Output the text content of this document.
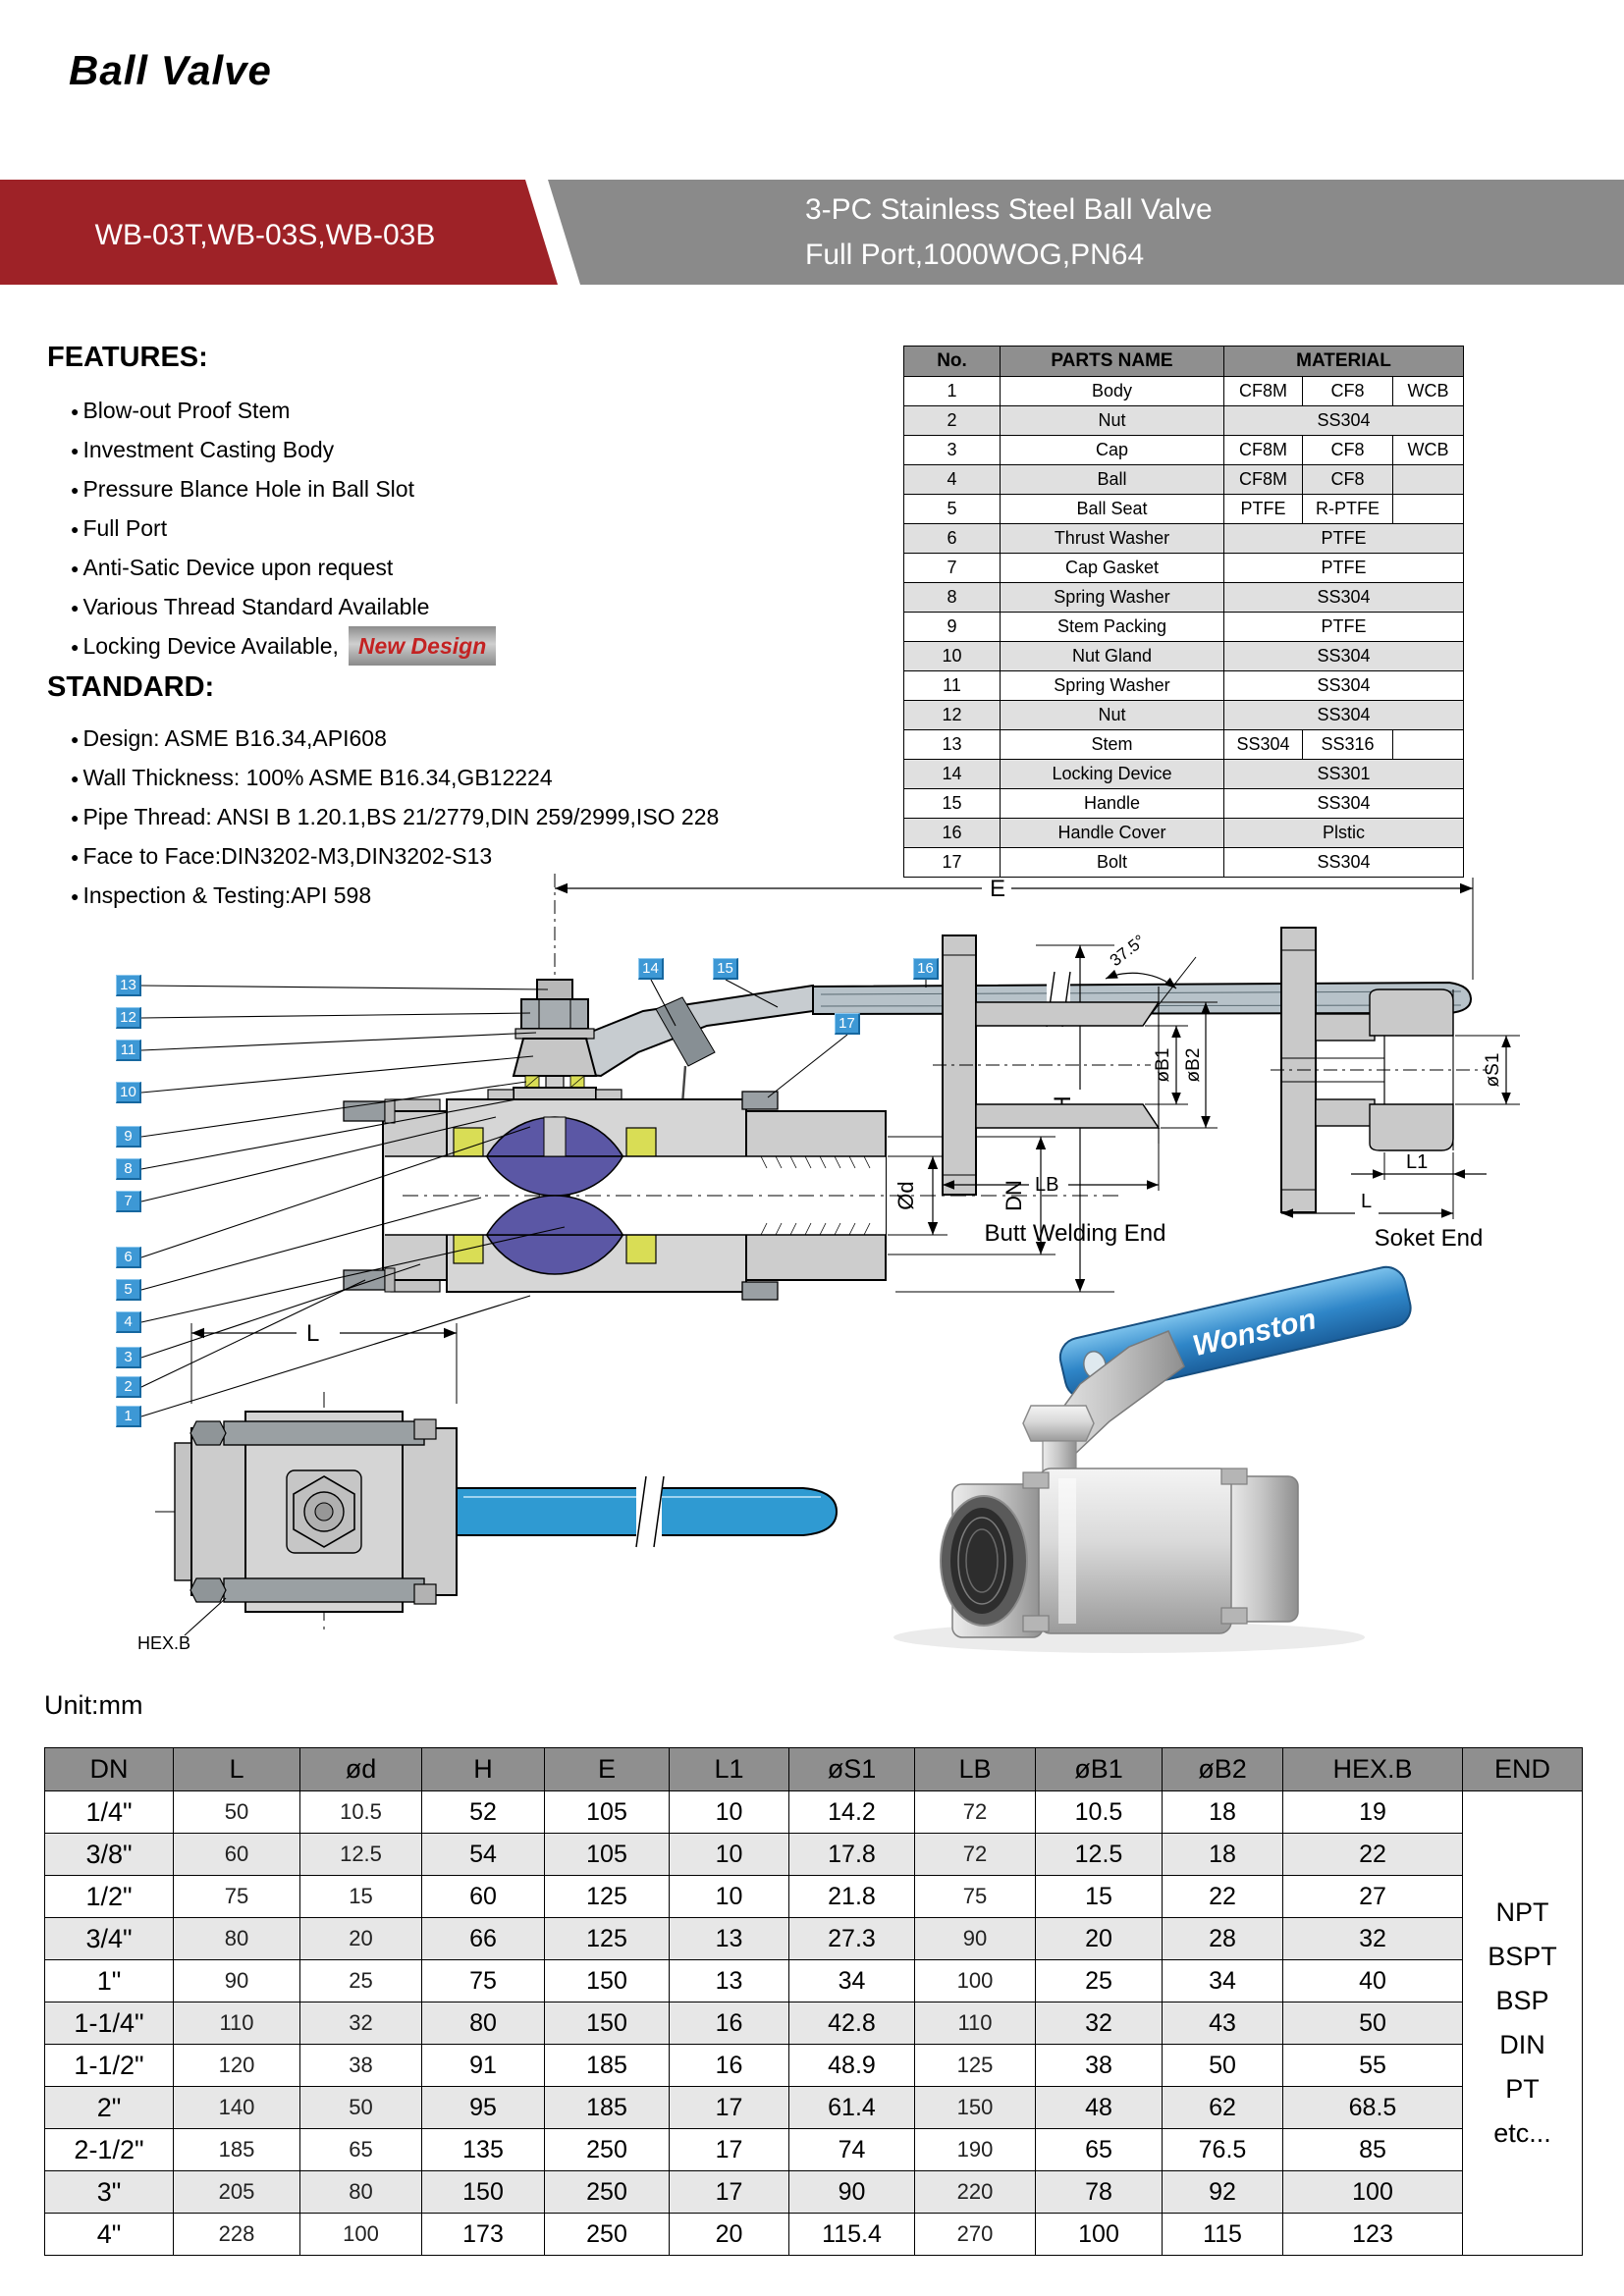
Ball Valve
WB-03T,WB-03S,WB-03B
3-PC Stainless Steel Ball Valve
Full Port,1000WOG,PN64
FEATURES:
● Blow-out Proof Stem
● Investment Casting Body
● Pressure Blance Hole in Ball Slot
● Full Port
● Anti-Satic Device upon request
● Various Thread Standard Available
● Locking Device Available, New Design
STANDARD:
● Design: ASME B16.34,API608
● Wall Thickness: 100% ASME B16.34,GB12224
● Pipe Thread: ANSI B 1.20.1,BS 21/2779,DIN 259/2999,ISO 228
● Face to Face:DIN3202-M3,DIN3202-S13
● Inspection & Testing:API 598
No.	PARTS NAME	MATERIAL		
1	Body	CF8M	CF8	WCB
2	Nut	SS304		
3	Cap	CF8M	CF8	WCB
4	Ball	CF8M	CF8	
5	Ball Seat	PTFE	R-PTFE	
6	Thrust Washer	PTFE		
7	Cap Gasket	PTFE		
8	Spring Washer	SS304		
9	Stem Packing	PTFE		
10	Nut Gland	SS304		
11	Spring Washer	SS304		
12	Nut	SS304		
13	Stem	SS304	SS316	
14	Locking Device	SS301		
15	Handle	SS304		
16	Handle Cover	Plstic		
17	Bolt	SS304		
E
Ød	DN
37.5°
øB1 øB2
LB
Butt Welding End
øS1
L1
L
Soket End
L
HEX.B
Wonston
Unit:mm
DN	L	ød	H	E	L1	øS1	LB	øB1	øB2	HEX.B	END
1/4"	50	10.5	52	105	10	14.2	72	10.5	18	19	
NPT
BSPT
BSP
DIN
PT
etc...

3/8"	60	12.5	54	105	10	17.8	72	12.5	18	22	
1/2"	75	15	60	125	10	21.8	75	15	22	27	
3/4"	80	20	66	125	13	27.3	90	20	28	32	
1"	90	25	75	150	13	34	100	25	34	40	
1-1/4"	110	32	80	150	16	42.8	110	32	43	50	
1-1/2"	120	38	91	185	16	48.9	125	38	50	55	
2"	140	50	95	185	17	61.4	150	48	62	68.5	
2-1/2"	185	65	135	250	17	74	190	65	76.5	85	
3"	205	80	150	250	17	90	220	78	92	100	
4"	228	100	173	250	20	115.4	270	100	115	123	
1
2
3
4
5
6
7
8
9
10
11
12
13
14	15	16
17
